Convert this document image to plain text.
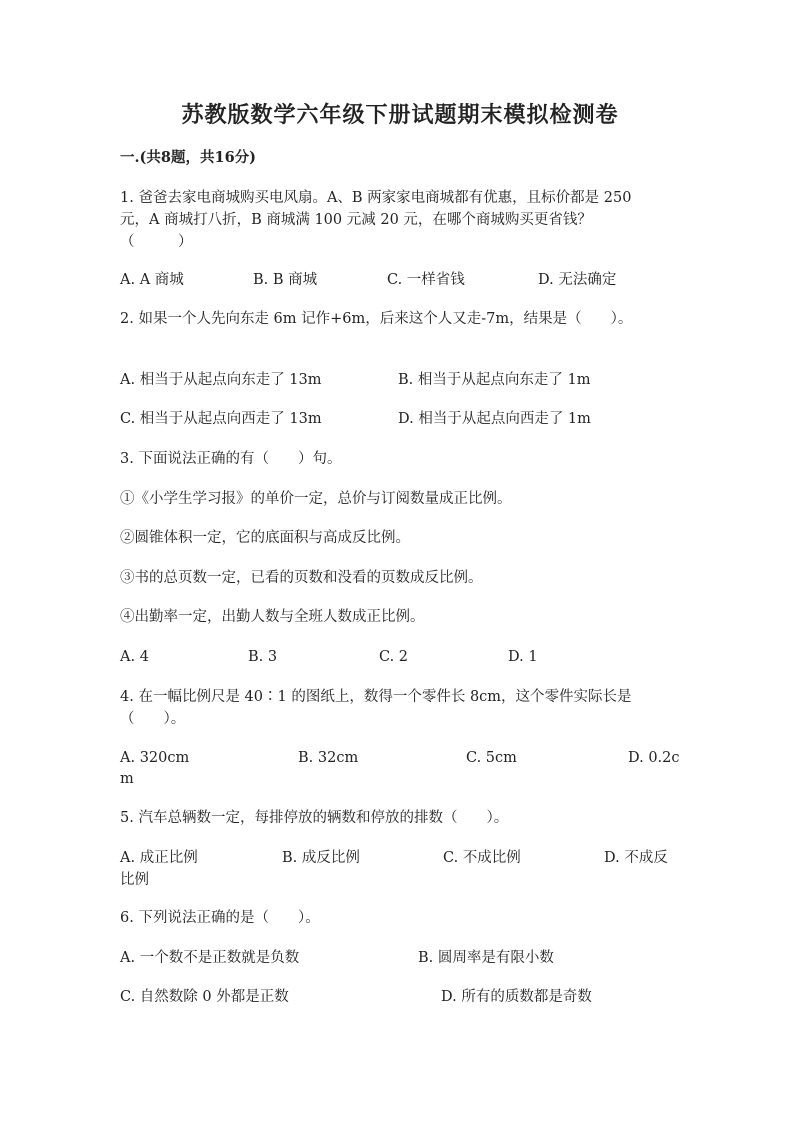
苏教版数学六年级下册试题期末模拟检测卷

一.(共8题，共16分)

1. 爸爸去家电商城购买电风扇。A、B 两家家电商城都有优惠，且标价都是 250

元，A 商城打八折，B 商城满 100 元减 20 元，在哪个商城购买更省钱？

（　　　）

A. A 商城	B. B 商城	C. 一样省钱	D. 无法确定

2. 如果一个人先向东走 6m 记作+6m，后来这个人又走-7m，结果是（　　）。

A. 相当于从起点向东走了 13m	B. 相当于从起点向东走了 1m

C. 相当于从起点向西走了 13m	D. 相当于从起点向西走了 1m

3. 下面说法正确的有（　　）句。

①《小学生学习报》的单价一定，总价与订阅数量成正比例。

②圆锥体积一定，它的底面积与高成反比例。

③书的总页数一定，已看的页数和没看的页数成反比例。

④出勤率一定，出勤人数与全班人数成正比例。

A. 4	B. 3	C. 2	D. 1

4. 在一幅比例尺是 40∶1 的图纸上，数得一个零件长 8cm，这个零件实际长是

（　　）。

A. 320cm	B. 32cm	C. 5cm	D. 0.2c

m

5. 汽车总辆数一定，每排停放的辆数和停放的排数（　　）。

A. 成正比例	B. 成反比例	C. 不成比例	D. 不成反

比例

6. 下列说法正确的是（　　）。

A. 一个数不是正数就是负数	B. 圆周率是有限小数

C. 自然数除 0 外都是正数	D. 所有的质数都是奇数
